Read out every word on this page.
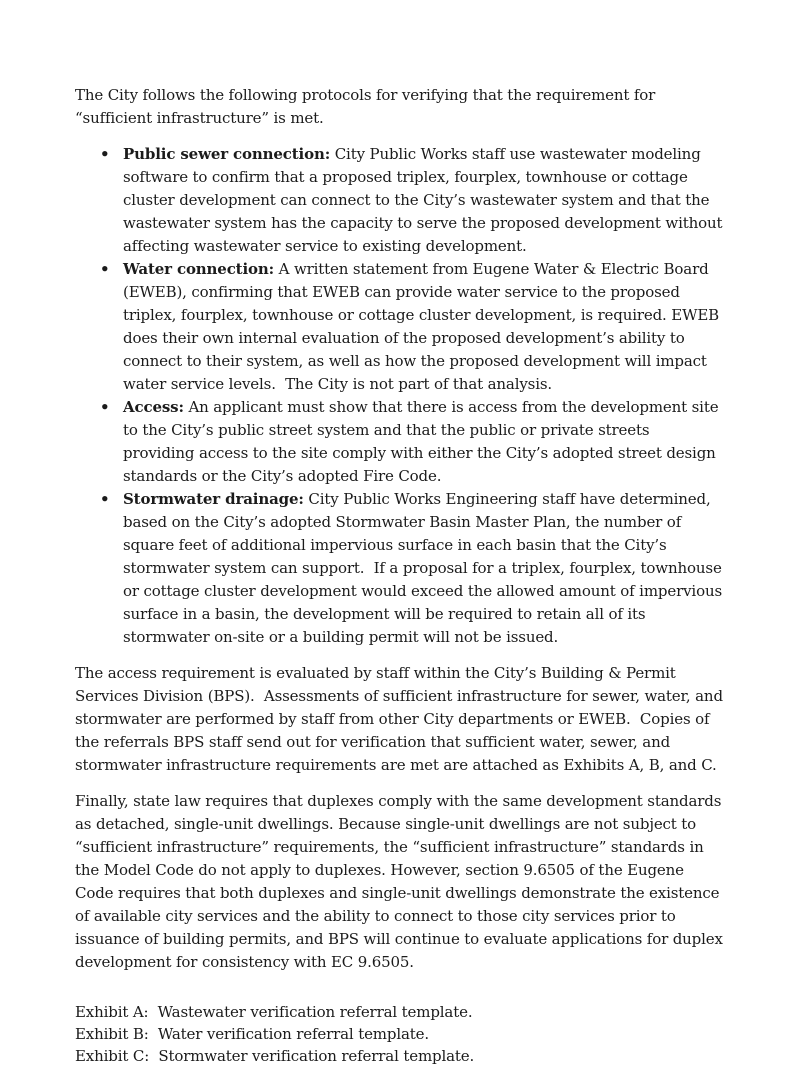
The City follows the following protocols for verifying that the requirement for “sufficient infrastructure” is met.

• Public sewer connection: City Public Works staff use wastewater modeling software to confirm that a proposed triplex, fourplex, townhouse or cottage cluster development can connect to the City’s wastewater system and that the wastewater system has the capacity to serve the proposed development without affecting wastewater service to existing development.
• Water connection: A written statement from Eugene Water & Electric Board (EWEB), confirming that EWEB can provide water service to the proposed triplex, fourplex, townhouse or cottage cluster development, is required. EWEB does their own internal evaluation of the proposed development’s ability to connect to their system, as well as how the proposed development will impact water service levels.  The City is not part of that analysis.
• Access: An applicant must show that there is access from the development site to the City’s public street system and that the public or private streets providing access to the site comply with either the City’s adopted street design standards or the City’s adopted Fire Code.
• Stormwater drainage: City Public Works Engineering staff have determined, based on the City’s adopted Stormwater Basin Master Plan, the number of square feet of additional impervious surface in each basin that the City’s stormwater system can support.  If a proposal for a triplex, fourplex, townhouse or cottage cluster development would exceed the allowed amount of impervious surface in a basin, the development will be required to retain all of its stormwater on-site or a building permit will not be issued.

The access requirement is evaluated by staff within the City’s Building & Permit Services Division (BPS).  Assessments of sufficient infrastructure for sewer, water, and stormwater are performed by staff from other City departments or EWEB.  Copies of the referrals BPS staff send out for verification that sufficient water, sewer, and stormwater infrastructure requirements are met are attached as Exhibits A, B, and C.

Finally, state law requires that duplexes comply with the same development standards as detached, single-unit dwellings. Because single-unit dwellings are not subject to “sufficient infrastructure” requirements, the “sufficient infrastructure” standards in the Model Code do not apply to duplexes. However, section 9.6505 of the Eugene Code requires that both duplexes and single-unit dwellings demonstrate the existence of available city services and the ability to connect to those city services prior to issuance of building permits, and BPS will continue to evaluate applications for duplex development for consistency with EC 9.6505.

Exhibit A:  Wastewater verification referral template.

Exhibit B:  Water verification referral template.

Exhibit C:  Stormwater verification referral template.
